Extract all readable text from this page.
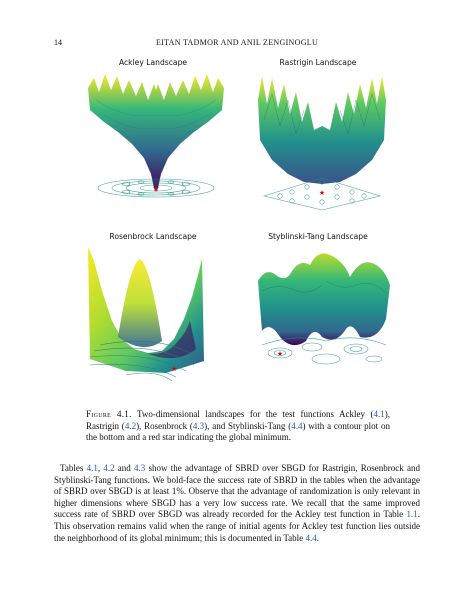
14	EITAN TADMOR AND ANIL ZENGINOGLU
Ackley Landscape	Rastrigin Landscape
Rosenbrock Landscape	Styblinski-Tang Landscape
★	★
★
★
Figure 4.1. Two-dimensional landscapes for the test functions Ackley (4.1), Rastrigin (4.2), Rosenbrock (4.3), and Styblinski-Tang (4.4) with a contour plot on the bottom and a red star indicating the global minimum.
Tables 4.1, 4.2 and 4.3 show the advantage of SBRD over SBGD for Rastrigin, Rosenbrock and Styblinski-Tang functions. We bold-face the success rate of SBRD in the tables when the advantage of SBRD over SBGD is at least 1%. Observe that the advantage of randomization is only relevant in higher dimensions where SBGD has a very low success rate. We recall that the same improved success rate of SBRD over SBGD was already recorded for the Ackley test function in Table 1.1. This observation remains valid when the range of initial agents for Ackley test function lies outside the neighborhood of its global minimum; this is documented in Table 4.4.
